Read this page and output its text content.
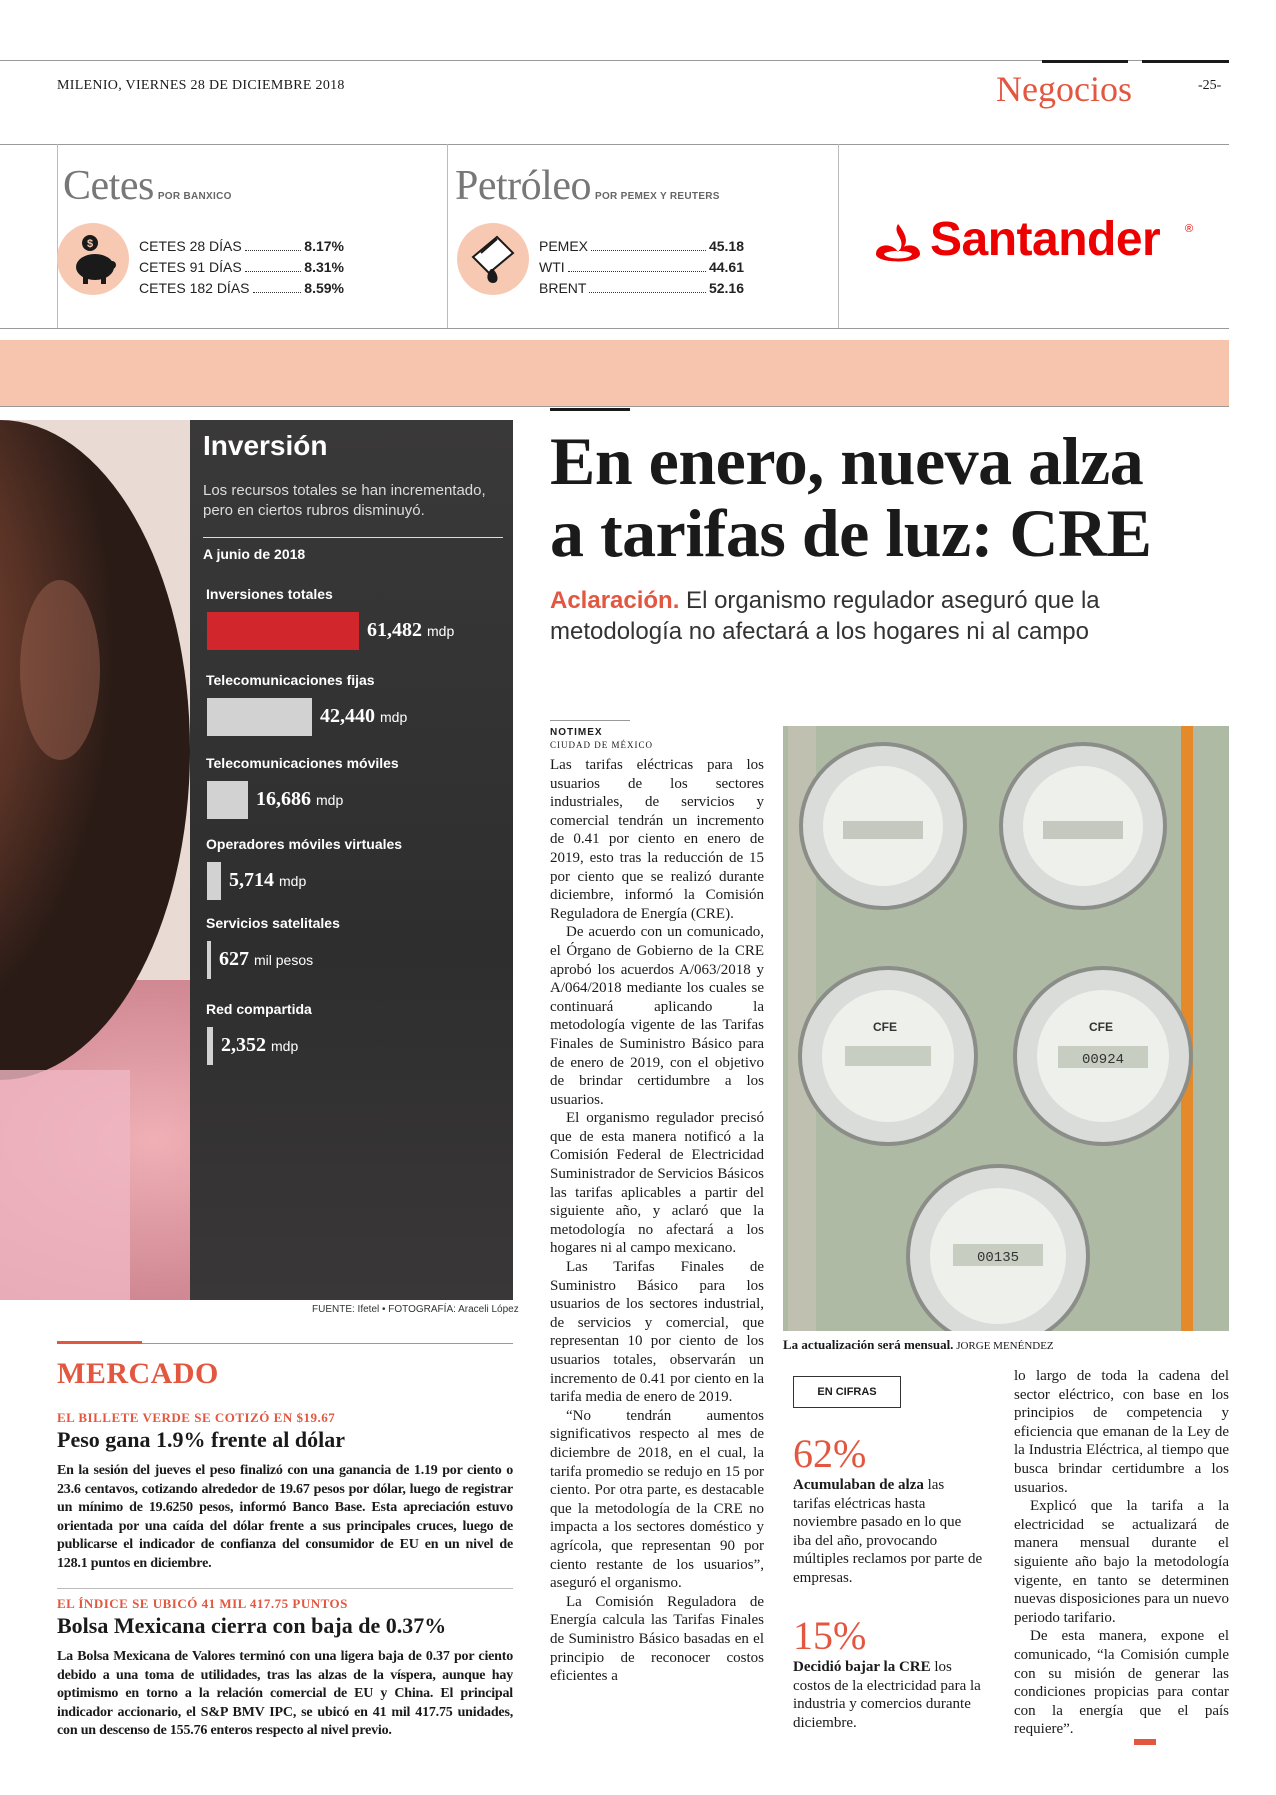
MILENIO, VIERNES 28 DE DICIEMBRE 2018	Negocios	-25-
Cetes POR BANXICO
$	CETES 28 DÍAS	8.17%
CETES 91 DÍAS	8.31%
CETES 182 DÍAS	8.59%
Petróleo POR PEMEX Y REUTERS
PEMEX	45.18
WTI	44.61
BRENT	52.16
Santander ®
Inversión
Los recursos totales se han incrementado, pero en ciertos rubros disminuyó.
A junio de 2018
Inversiones totales
61,482 mdp
Telecomunicaciones fijas
42,440 mdp
Telecomunicaciones móviles
16,686 mdp
Operadores móviles virtuales
5,714 mdp
Servicios satelitales
627 mil pesos
Red compartida
2,352 mdp
FUENTE: Ifetel • FOTOGRAFÍA: Araceli López
En enero, nueva alza
a tarifas de luz: CRE
Aclaración. El organismo regulador aseguró que la metodología no afectará a los hogares ni al campo
NOTIMEX
CIUDAD DE MÉXICO

Las tarifas eléctricas para los usuarios de los sectores industriales, de servicios y comercial tendrán un incremento de 0.41 por ciento en enero de 2019, esto tras la reducción de 15 por ciento que se realizó durante diciembre, informó la Comisión Reguladora de Energía (CRE).

De acuerdo con un comunicado, el Órgano de Gobierno de la CRE aprobó los acuerdos A/063/2018 y A/064/2018 mediante los cuales se continuará aplicando la metodología vigente de las Tarifas Finales de Suministro Básico para de enero de 2019, con el objetivo de brindar certidumbre a los usuarios.

El organismo regulador precisó que de esta manera notificó a la Comisión Federal de Electricidad Suministrador de Servicios Básicos las tarifas aplicables a partir del siguiente año, y aclaró que la metodología no afectará a los hogares ni al campo mexicano.

Las Tarifas Finales de Suministro Básico para los usuarios de los sectores industrial, de servicios y comercial, que representan 10 por ciento de los usuarios totales, observarán un incremento de 0.41 por ciento en la tarifa media de enero de 2019.

“No tendrán aumentos significativos respecto al mes de diciembre de 2018, en el cual, la tarifa promedio se redujo en 15 por ciento. Por otra parte, es destacable que la metodología de la CRE no impacta a los sectores doméstico y agrícola, que representan 90 por ciento restante de los usuarios”, aseguró el organismo.

La Comisión Reguladora de Energía calcula las Tarifas Finales de Suministro Básico basadas en el principio de reconocer costos eficientes a

CFE	CFE
00924
00135
La actualización será mensual. JORGE MENÉNDEZ
EN CIFRAS
62%
Acumulaban de alza las tarifas eléctricas hasta noviembre pasado en lo que iba del año, provocando múltiples reclamos por parte de empresas.
15%
Decidió bajar la CRE los costos de la electricidad para la industria y comercios durante diciembre.

lo largo de toda la cadena del sector eléctrico, con base en los principios de competencia y eficiencia que emanan de la Ley de la Industria Eléctrica, al tiempo que busca brindar certidumbre a los usuarios.

Explicó que la tarifa a la electricidad se actualizará de manera mensual durante el siguiente año bajo la metodología vigente, en tanto se determinen nuevas disposiciones para un nuevo periodo tarifario.

De esta manera, expone el comunicado, “la Comisión cumple con su misión de generar las condiciones propicias para contar con la energía que el país requiere”.

MERCADO
EL BILLETE VERDE SE COTIZÓ EN $19.67
Peso gana 1.9% frente al dólar
En la sesión del jueves el peso finalizó con una ganancia de 1.19 por ciento o 23.6 centavos, cotizando alrededor de 19.67 pesos por dólar, luego de registrar un mínimo de 19.6250 pesos, informó Banco Base. Esta apreciación estuvo orientada por una caída del dólar frente a sus principales cruces, luego de publicarse el indicador de confianza del consumidor de EU en un nivel de 128.1 puntos en diciembre.
EL ÍNDICE SE UBICÓ 41 MIL 417.75 PUNTOS
Bolsa Mexicana cierra con baja de 0.37%
La Bolsa Mexicana de Valores terminó con una ligera baja de 0.37 por ciento debido a una toma de utilidades, tras las alzas de la víspera, aunque hay optimismo en torno a la relación comercial de EU y China. El principal indicador accionario, el S&P BMV IPC, se ubicó en 41 mil 417.75 unidades, con un descenso de 155.76 enteros respecto al nivel previo.
